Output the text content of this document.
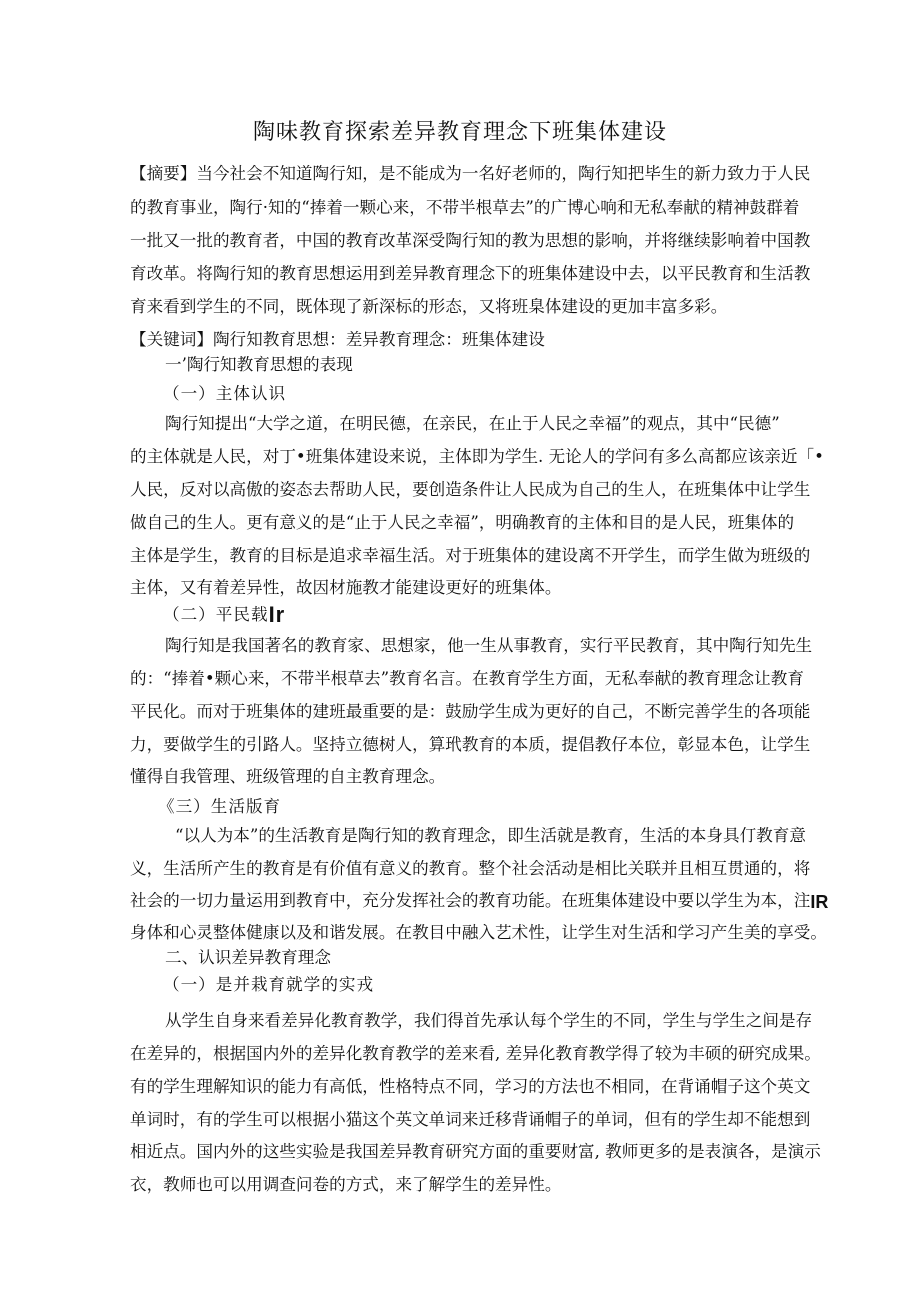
陶味教育探索差异教育理念下班集体建设
【摘要】当今社会不知道陶行知，是不能成为一名好老师的，陶行知把毕生的新力致力于人民
的教育事业，陶行·知的“捧着一颗心来，不带半根草去”的广博心响和无私奉献的精神鼓群着
一批又一批的教育者，中国的教育改革深受陶行知的教为思想的影响，并将继续影响着中国教
育改革。将陶行知的教育思想运用到差异教育理念下的班集体建设中去，以平民教育和生活教
育来看到学生的不同，既体现了新深标的形态，又将班臬体建设的更加丰富多彩。
【关键词】陶行知教育思想：差异教育理念：班集体建设
一’陶行知教育思想的表现
（一）主体认识
陶行知提出“大学之道，在明民德，在亲民，在止于人民之幸福”的观点，其中“民德”
的主体就是人民，对丁•班集体建设来说，主体即为学生. 无论人的学问有多么高都应该亲近「•
人民，反对以高傲的姿态去帮助人民，要创造条件让人民成为自己的生人，在班集体中让学生
做自己的生人。更有意义的是“止于人民之幸福”，明确教育的主体和目的是人民，班集体的
主体是学生，教育的目标是追求幸福生活。对于班集体的建设离不开学生，而学生做为班级的
主体，又有着差异性，故因材施教才能建设更好的班集体。
（二）平民载Ir
陶行知是我国著名的教育家、思想家，他一生从事教育，实行平民教育，其中陶行知先生
的：“捧着•颗心来，不带半根草去”教育名言。在教育学生方面，无私奉献的教育理念让教育
平民化。而对于班集体的建班最重要的是：鼓励学生成为更好的自己，不断完善学生的各项能
力，要做学生的引路人。坚持立德树人，算玳教育的本质，提倡教仔本位，彰显本色，让学生
懂得自我管理、班级管理的自主教育理念。
《三）生活版育
“以人为本”的生活教育是陶行知的教育理念，即生活就是教育，生活的本身具仃教育意
义，生活所产生的教育是有价值有意义的教育。整个社会活动是相比关联并且相互贯通的，将
社会的一切力量运用到教育中，充分发挥社会的教育功能。在班集体建设中要以学生为本，注IR
身体和心灵整体健康以及和谐发展。在教目中融入艺术性，让学生对生活和学习产生美的享受。
二、认识差异教育理念
（一）是并栽育就学的实戎
从学生自身来看差异化教育教学，我们得首先承认每个学生的不同，学生与学生之间是存
在差异的，根据国内外的差异化教育教学的差来看, 差异化教育教学得了较为丰硕的研究成果。
有的学生理解知识的能力有高低，性格特点不同，学习的方法也不相同，在背诵帽子这个英文
单词时，有的学生可以根据小猫这个英文单词来迁移背诵帽子的单词，但有的学生却不能想到
相近点。国内外的这些实验是我国差异教育研究方面的重要财富, 教师更多的是表演各，是演示
衣，教师也可以用调查问卷的方式，来了解学生的差异性。
